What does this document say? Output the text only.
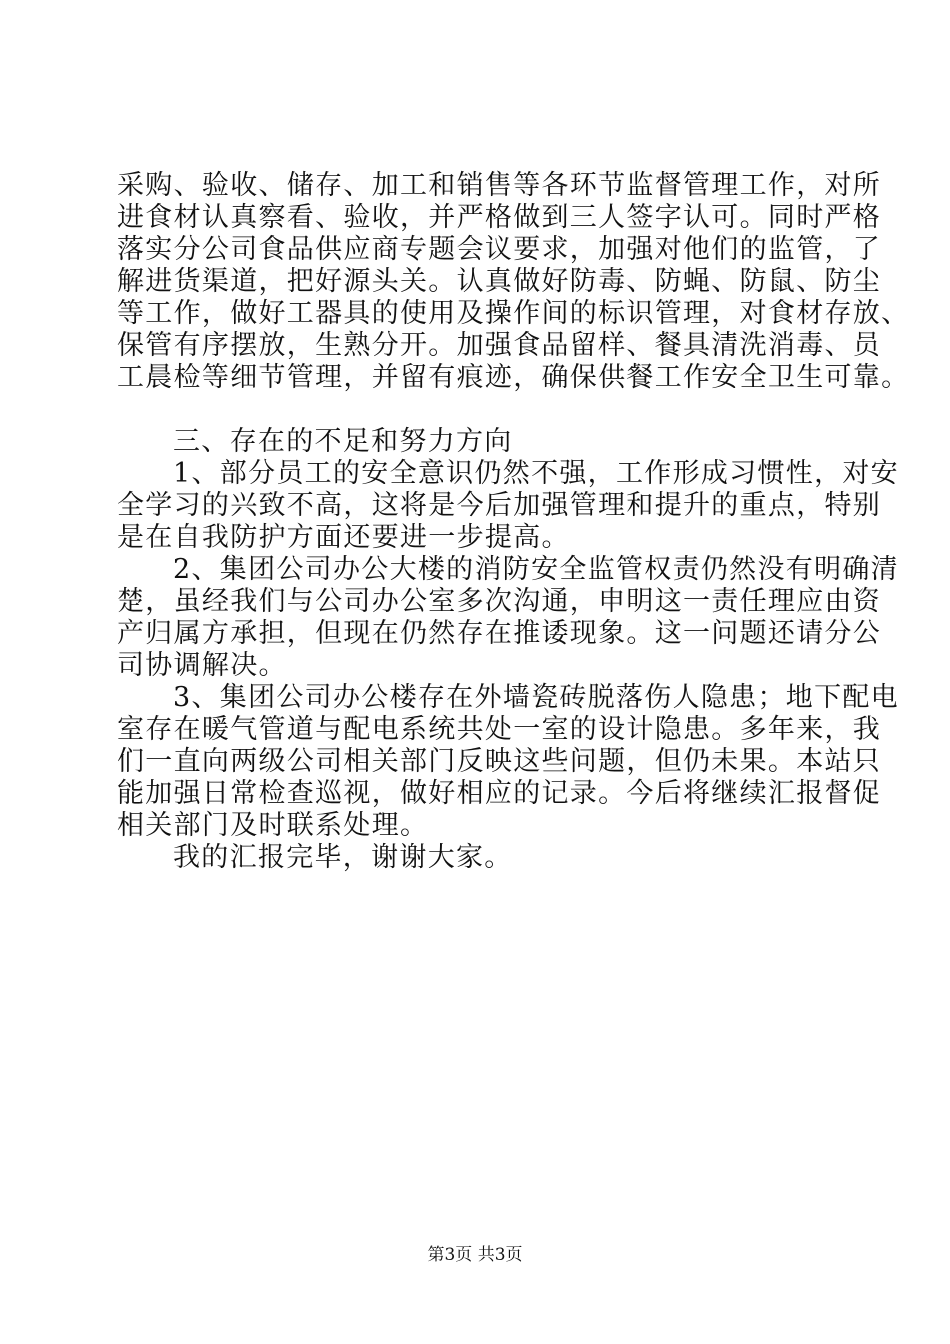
采购、验收、储存、加工和销售等各环节监督管理工作，对所
进食材认真察看、验收，并严格做到三人签字认可。同时严格
落实分公司食品供应商专题会议要求，加强对他们的监管，了
解进货渠道，把好源头关。认真做好防毒、防蝇、防鼠、防尘
等工作，做好工器具的使用及操作间的标识管理，对食材存放、
保管有序摆放，生熟分开。加强食品留样、餐具清洗消毒、员
工晨检等细节管理，并留有痕迹，确保供餐工作安全卫生可靠。
三、存在的不足和努力方向
1、部分员工的安全意识仍然不强，工作形成习惯性，对安
全学习的兴致不高，这将是今后加强管理和提升的重点，特别
是在自我防护方面还要进一步提高。
2、集团公司办公大楼的消防安全监管权责仍然没有明确清
楚，虽经我们与公司办公室多次沟通，申明这一责任理应由资
产归属方承担，但现在仍然存在推诿现象。这一问题还请分公
司协调解决。
3、集团公司办公楼存在外墙瓷砖脱落伤人隐患；地下配电
室存在暖气管道与配电系统共处一室的设计隐患。多年来，我
们一直向两级公司相关部门反映这些问题，但仍未果。本站只
能加强日常检查巡视，做好相应的记录。今后将继续汇报督促
相关部门及时联系处理。
我的汇报完毕，谢谢大家。
第3页 共3页
